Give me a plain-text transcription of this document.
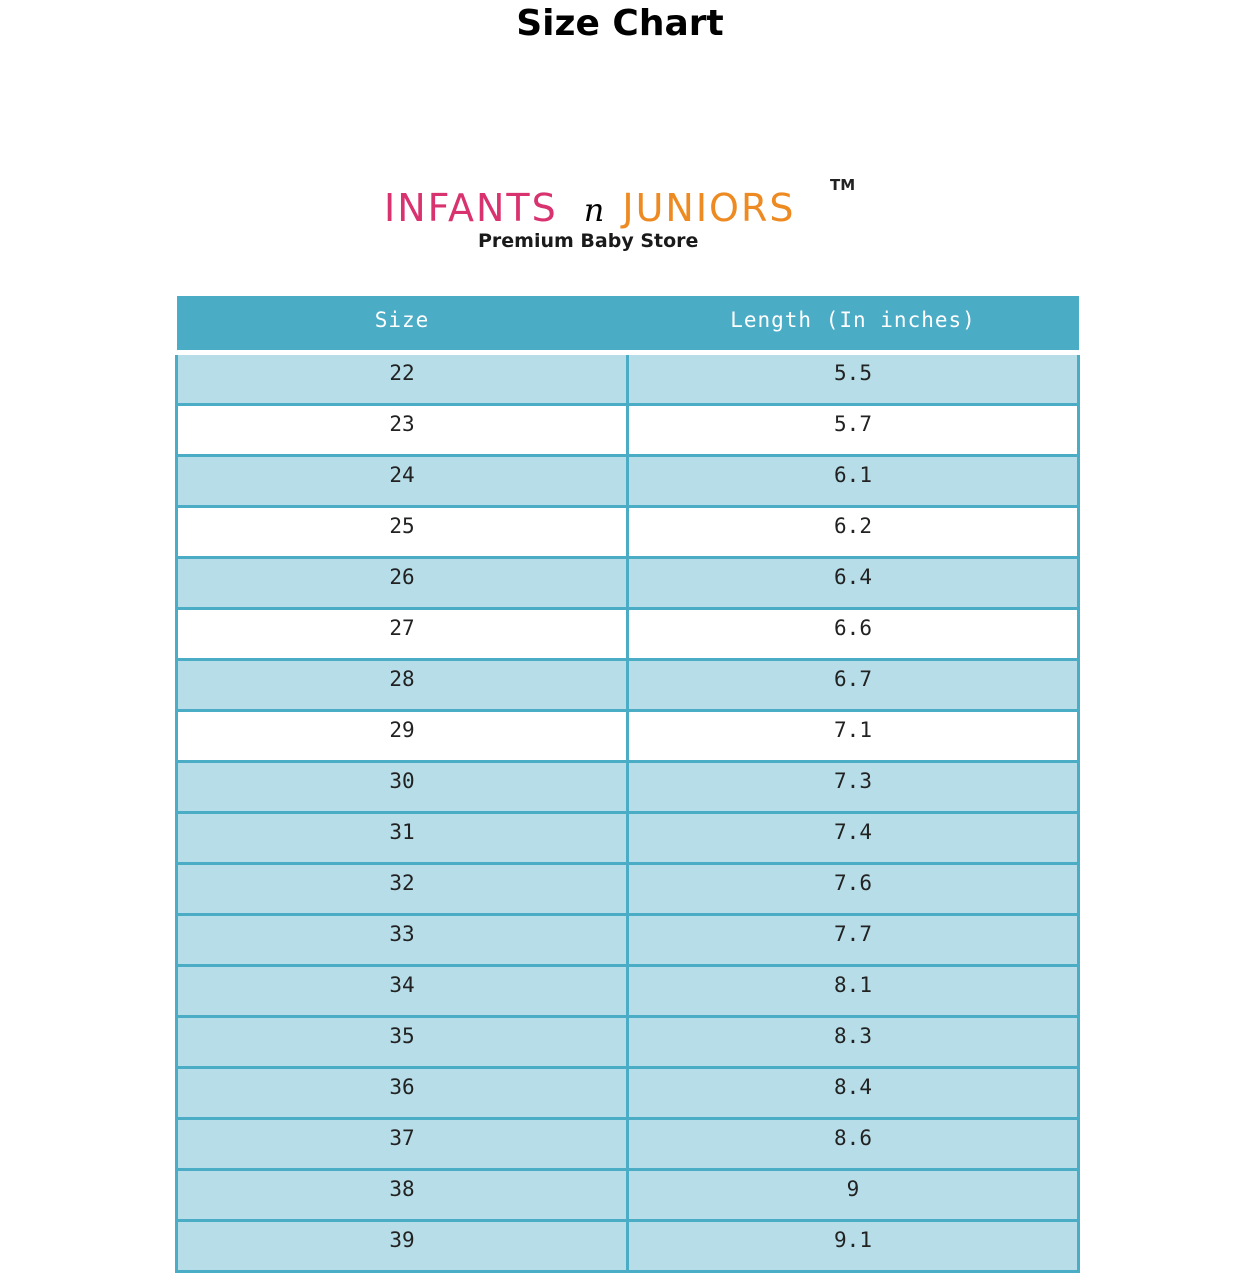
Size Chart
INFANTS n JUNIORS
TM
Premium Baby Store
Size	Length (In inches)
22	5.5
23	5.7
24	6.1
25	6.2
26	6.4
27	6.6
28	6.7
29	7.1
30	7.3
31	7.4
32	7.6
33	7.7
34	8.1
35	8.3
36	8.4
37	8.6
38	9
39	9.1
